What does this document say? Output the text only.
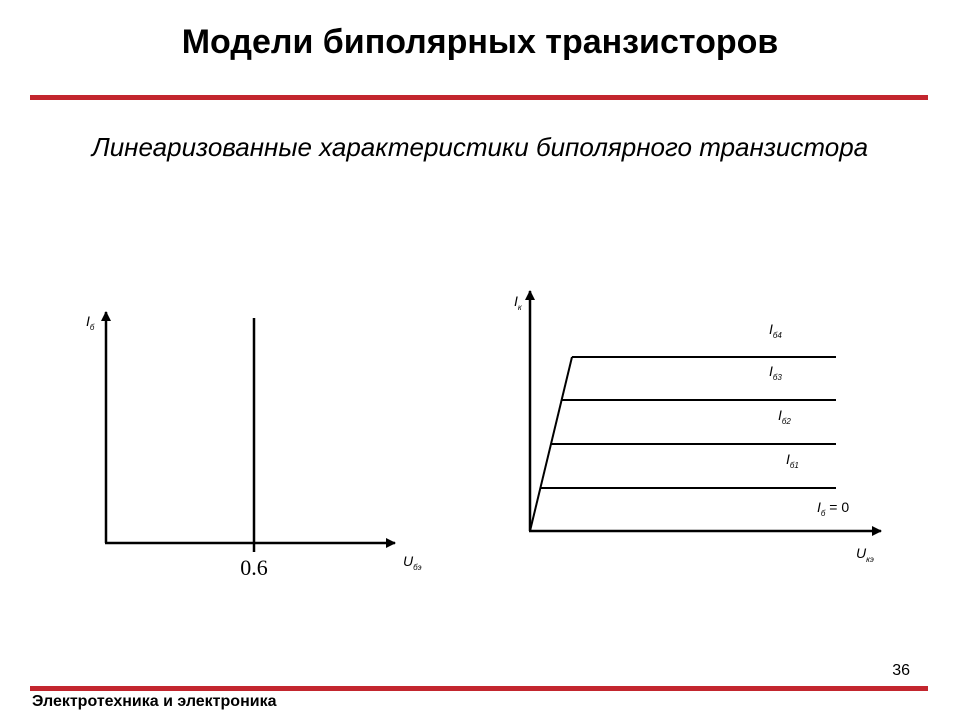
Модели биполярных транзисторов
Линеаризованные характеристики биполярного транзистора
0.6
$I_б$
$U_{бэ}$
$I_к$
$U_{кэ}$
$I_{б4}$
$I_{б3}$
$I_{б2}$
$I_{б1}$
$I_б = 0$
36
Электротехника и электроника
